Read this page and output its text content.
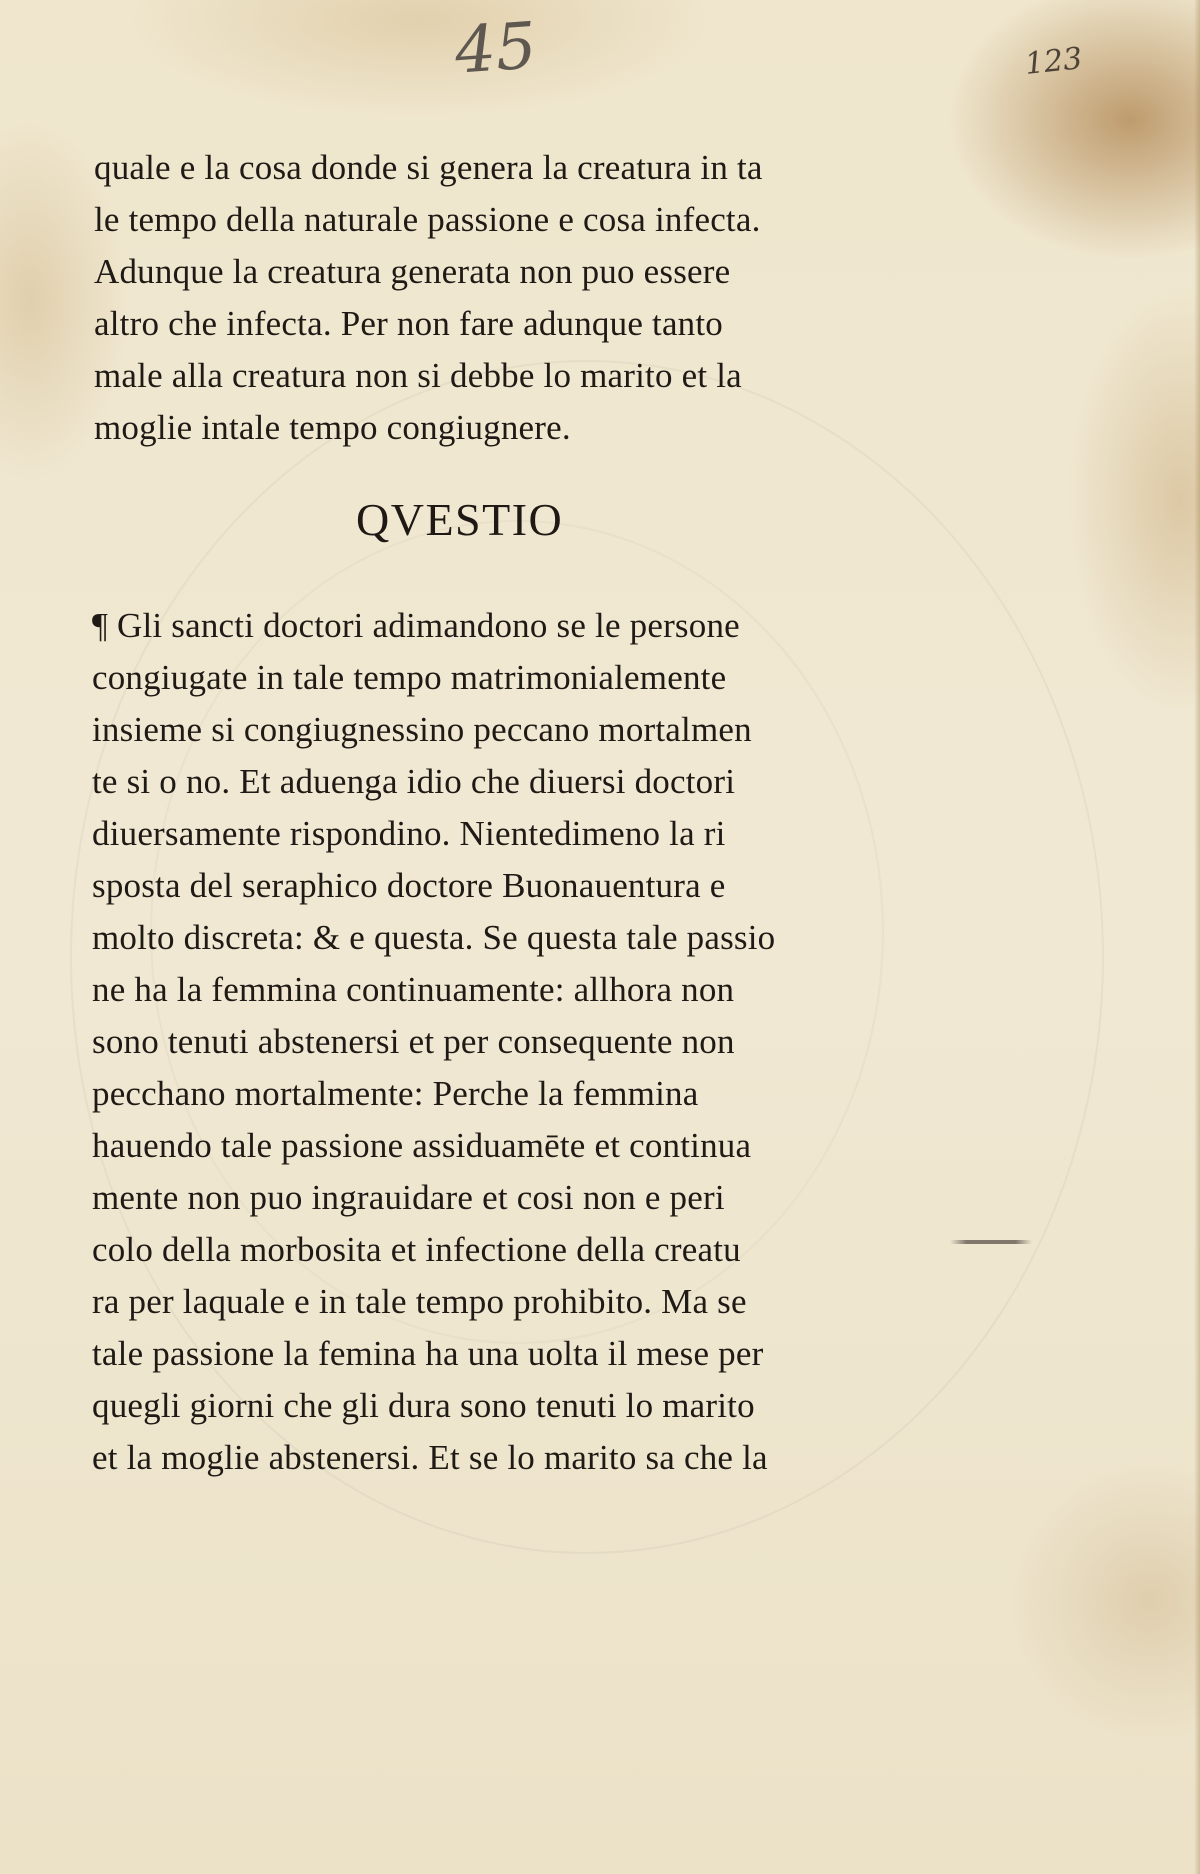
45	123
quale e la cosa donde si genera la creatura in ta
le tempo della naturale passione e cosa infecta.
Adunque la creatura generata non puo essere
altro che infecta. Per non fare adunque tanto
male alla creatura non si debbe lo marito et la
moglie intale tempo congiugnere.
QVESTIO
¶ Gli sancti doctori adimandono se le persone
congiugate in tale tempo matrimonialemente
insieme si congiugnessino peccano mortalmen
te si o no. Et aduenga idio che diuersi doctori
diuersamente rispondino. Nientedimeno la ri
sposta del seraphico doctore Buonauentura e
molto discreta: & e questa. Se questa tale passio
ne ha la femmina continuamente: allhora non
sono tenuti abstenersi et per consequente non
pecchano mortalmente: Perche la femmina
hauendo tale passione assiduamēte et continua
mente non puo ingrauidare et cosi non e peri
colo della morbosita et infectione della creatu
ra per laquale e in tale tempo prohibito. Ma se
tale passione la femina ha una uolta il mese per
quegli giorni che gli dura sono tenuti lo marito
et la moglie abstenersi. Et se lo marito sa che la
